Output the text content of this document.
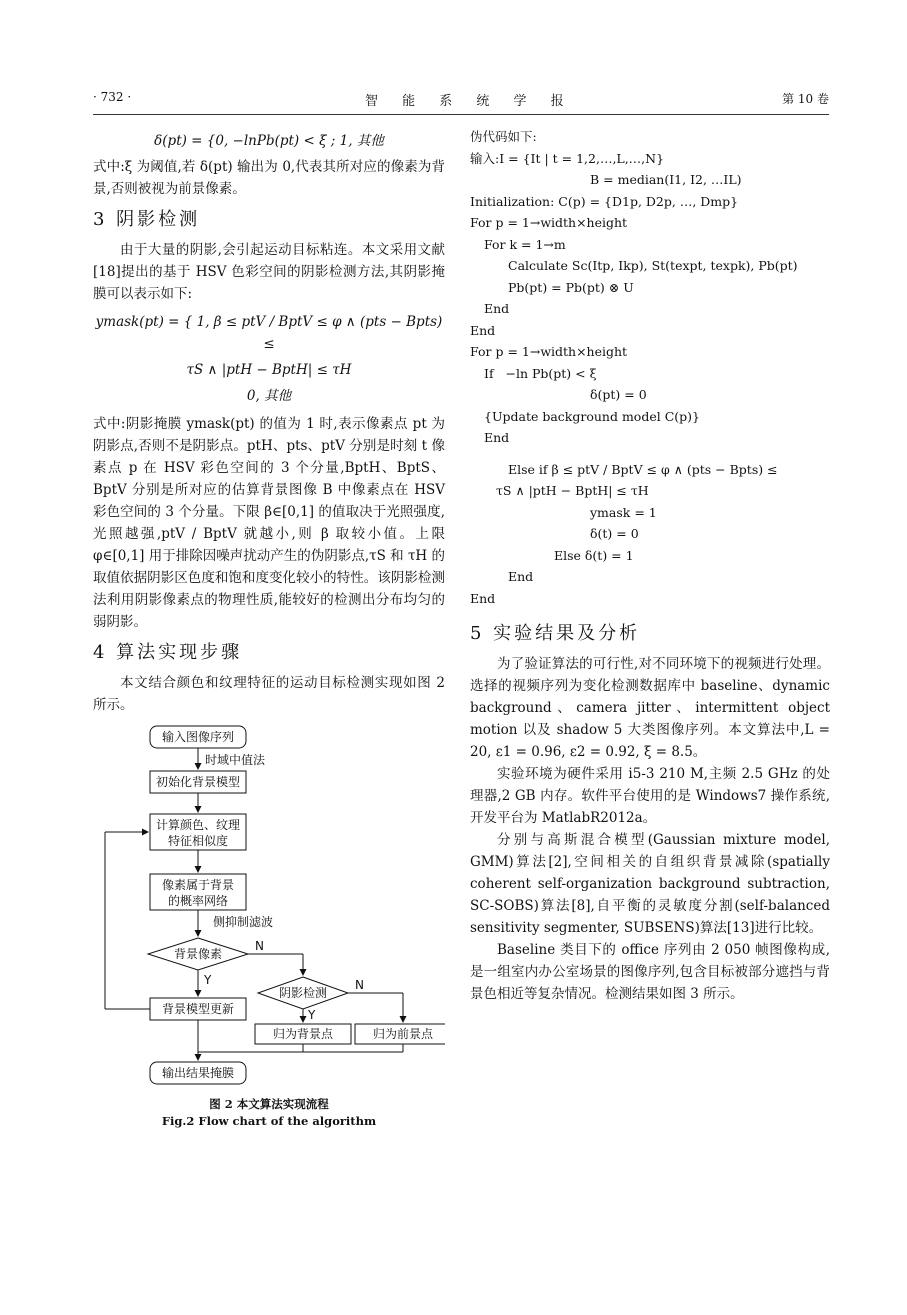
· 732 ·	智 能 系 统 学 报	第 10 卷

δ(pt) = {0, −lnPb(pt) < ξ ; 1, 其他

式中:ξ 为阈值,若 δ(pt) 输出为 0,代表其所对应的像素为背景,否则被视为前景像素。

3 阴影检测

由于大量的阴影,会引起运动目标粘连。本文采用文献[18]提出的基于 HSV 色彩空间的阴影检测方法,其阴影掩膜可以表示如下:

ymask(pt) = { 1, β ≤ ptV / BptV ≤ φ ∧ (pts − Bpts) ≤

τS ∧ |ptH − BptH| ≤ τH

0, 其他

式中:阴影掩膜 ymask(pt) 的值为 1 时,表示像素点 pt 为阴影点,否则不是阴影点。ptH、pts、ptV 分别是时刻 t 像素点 p 在 HSV 彩色空间的 3 个分量,BptH、BptS、BptV 分别是所对应的估算背景图像 B 中像素点在 HSV 彩色空间的 3 个分量。下限 β∈[0,1] 的值取决于光照强度,光照越强,ptV / BptV 就越小,则 β 取较小值。上限 φ∈[0,1] 用于排除因噪声扰动产生的伪阴影点,τS 和 τH 的取值依据阴影区色度和饱和度变化较小的特性。该阴影检测法利用阴影像素点的物理性质,能较好的检测出分布均匀的弱阴影。

4 算法实现步骤

本文结合颜色和纹理特征的运动目标检测实现如图 2 所示。

输入图像序列
时域中值法
初始化背景模型
计算颜色、纹理
特征相似度
像素属于背景
的概率网络
侧抑制滤波
背景像素
N
Y
阴影检测
N
Y
背景模型更新
归为背景点	归为前景点
输出结果掩膜
图 2 本文算法实现流程
Fig.2 Flow chart of the algorithm

伪代码如下:

输入:I = {It | t = 1,2,…,L,…,N}

B = median(I1, I2, …IL)

Initialization: C(p) = {D1p, D2p, …, Dmp}

For p = 1→width×height

For k = 1→m

Calculate Sc(Itp, Ikp), St(texpt, texpk), Pb(pt)

Pb(pt) = Pb(pt) ⊗ U

End

End

For p = 1→width×height

If   −ln Pb(pt) < ξ

δ(pt) = 0

{Update background model C(p)}

End

Else if β ≤ ptV / BptV ≤ φ ∧ (pts − Bpts) ≤

τS ∧ |ptH − BptH| ≤ τH

ymask = 1

δ(t) = 0

Else δ(t) = 1

End

End

5 实验结果及分析

为了验证算法的可行性,对不同环境下的视频进行处理。选择的视频序列为变化检测数据库中 baseline、dynamic background、camera jitter、intermittent object motion 以及 shadow 5 大类图像序列。本文算法中,L = 20, ε1 = 0.96, ε2 = 0.92, ξ = 8.5。

实验环境为硬件采用 i5-3 210 M,主频 2.5 GHz 的处理器,2 GB 内存。软件平台使用的是 Windows7 操作系统,开发平台为 MatlabR2012a。

分别与高斯混合模型(Gaussian mixture model, GMM)算法[2],空间相关的自组织背景减除(spatially coherent self-organization background subtraction, SC-SOBS)算法[8],自平衡的灵敏度分割(self-balanced sensitivity segmenter, SUBSENS)算法[13]进行比较。

Baseline 类目下的 office 序列由 2 050 帧图像构成,是一组室内办公室场景的图像序列,包含目标被部分遮挡与背景色相近等复杂情况。检测结果如图 3 所示。
